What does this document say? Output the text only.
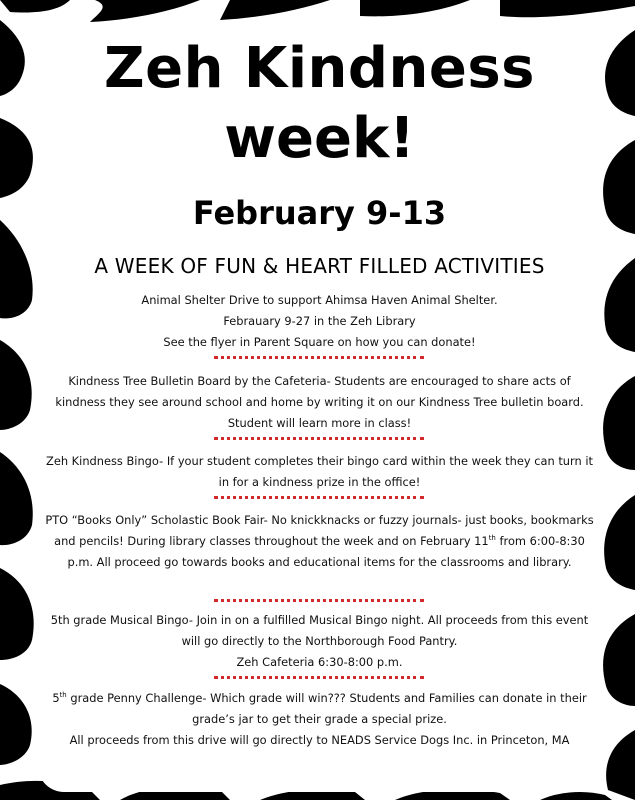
Zeh Kindness
week!
February 9-13
A WEEK OF FUN & HEART FILLED ACTIVITIES

Animal Shelter Drive to support Ahimsa Haven Animal Shelter.

Febrauary 9-27 in the Zeh Library

See the flyer in Parent Square on how you can donate!

Kindness Tree Bulletin Board by the Cafeteria- Students are encouraged to share acts of kindness they see around school and home by writing it on our Kindness Tree bulletin board. Student will learn more in class!

Zeh Kindness Bingo- If your student completes their bingo card within the week they can turn it in for a kindness prize in the office!

PTO “Books Only” Scholastic Book Fair- No knickknacks or fuzzy journals- just books, bookmarks and pencils! During library classes throughout the week and on February 11th from 6:00-8:30 p.m. All proceed go towards books and educational items for the classrooms and library.

5th grade Musical Bingo- Join in on a fulfilled Musical Bingo night. All proceeds from this event will go directly to the Northborough Food Pantry.

Zeh Cafeteria 6:30-8:00 p.m.

5th grade Penny Challenge- Which grade will win??? Students and Families can donate in their grade’s jar to get their grade a special prize.

All proceeds from this drive will go directly to NEADS Service Dogs Inc. in Princeton, MA
